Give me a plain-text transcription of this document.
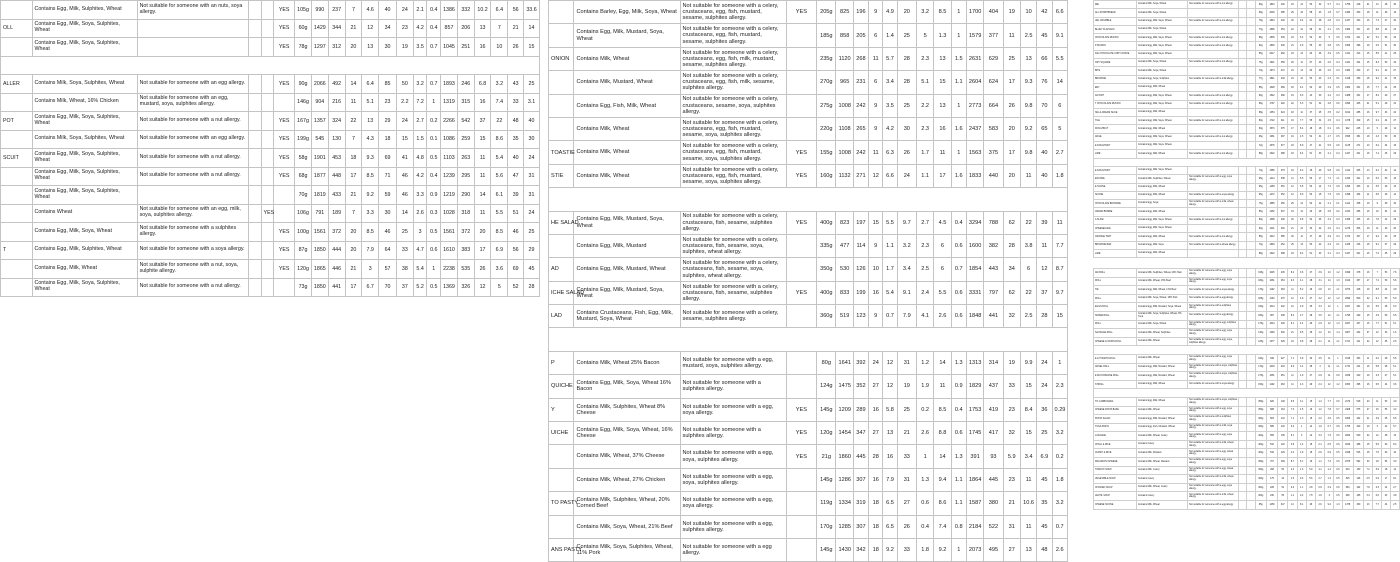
	Contains Egg, Milk, Sulphites, Wheat	Not suitable for someone with an nuts, soya allergy.			YES	105g	990	237	7	4.6	40	24	2.1	0.4	1386	332	10.2	6.4	56	33.6
OLL	Contains Egg, Milk, Soya, Sulphites, Wheat				YES	60g	1429	344	21	12	34	23	4.2	0.4	857	206	13	7	21	14
	Contains Egg, Milk, Soya, Sulphites, Wheat				YES	78g	1297	312	20	13	30	19	3.5	0.7	1045	251	16	10	26	15

ALLER	Contains Milk, Soya, Sulphites, Wheat	Not suitable for someone with an egg allergy.			YES	90g	2066	492	14	6.4	85	50	3.2	0.7	1893	246	6.8	3.2	43	25
	Contains Milk, Wheat, 16% Chicken	Not suitable for someone with an egg, mustard, soya, sulphites allergy.				146g	904	216	11	5.1	23	2.2	7.2	1	1319	315	16	7.4	33	3.1
POT	Contains Egg, Milk, Soya, Sulphites, Wheat	Not suitable for someone with a nut allergy.			YES	167g	1357	324	22	13	29	24	2.7	0.2	2266	542	37	22	48	40
	Contains Milk, Soya, Sulphites, Wheat	Not suitable for someone with an egg allergy.			YES	199g	545	130	7	4.3	18	15	1.5	0.1	1086	259	15	8.6	35	30
SCUIT	Contains Egg, Milk, Soya, Sulphites, Wheat	Not suitable for someone with a nut allergy.			YES	58g	1901	453	18	9.3	69	41	4.8	0.5	1103	263	11	5.4	40	24
	Contains Egg, Milk, Soya, Sulphites, Wheat	Not suitable for someone with a nut allergy.			YES	68g	1877	448	17	8.5	71	46	4.2	0.4	1239	295	11	5.6	47	31
	Contains Egg, Milk, Soya, Sulphites, Wheat					70g	1819	433	21	9.2	59	46	3.3	0.9	1219	290	14	6.1	39	31
	Contains Wheat	Not suitable for someone with an egg, milk, soya, sulphites allergy.		YES		106g	791	189	7	3.3	30	14	2.6	0.3	1028	318	11	5.5	51	24
	Contains Egg, Milk, Soya, Wheat	Not suitable for someone with a sulphites allergy.			YES	100g	1561	372	20	8.5	46	25	3	0.5	1561	372	20	8.5	46	25
T	Contains Egg, Milk, Sulphites, Wheat	Not suitable for someone with a soya allergy.			YES	87g	1850	444	20	7.9	64	33	4.7	0.6	1610	383	17	6.9	56	29
	Contains Egg, Milk, Wheat	Not suitable for someone with a nut, soya, sulphite allergy.			YES	120g	1865	446	21	3	57	38	5.4	1	2238	535	26	3.6	69	45
	Contains Egg, Milk, Soya, Sulphites, Wheat	Not suitable for someone with a nut allergy.				73g	1850	441	17	6.7	70	37	5.2	0.5	1369	326	12	5	52	28
	Contains Barley, Egg, Milk, Soya, Wheat	Not suitable for someone with a celery, crustaceans, egg, fish, mustard, sesame, sulphites allergy.	YES	205g	825	196	9	4.9	20	3.2	8.5	1	1700	404	19	10	42	6.6
	Contains Egg, Milk, Mustard, Soya, Wheat	Not suitable for someone with a celery, crustaceans, egg, fish, mustard, sesame, sulphites allergy.		185g	858	205	6	1.4	25	5	1.3	1	1579	377	11	2.5	45	9.1
ONION	Contains Milk, Wheat	Not suitable for someone with a celery, crustaceans, egg, fish, milk, mustard, sesame, sulphites allergy.		235g	1120	268	11	5.7	28	2.3	13	1.5	2631	629	25	13	66	5.5
	Contains Milk, Mustard, Wheat	Not suitable for someone with a celery, crustaceans, egg, fish, milk, sesame, sulphites allergy.		270g	965	231	6	3.4	28	5.1	15	1.1	2604	624	17	9.3	76	14
	Contains Egg, Fish, Milk, Wheat	Not suitable for someone with a celery, crustaceans, sesame, soya, sulphites allergy.		275g	1008	242	9	3.5	25	2.2	13	1	2773	664	26	9.8	70	6
	Contains Milk, Wheat	Not suitable for someone with a celery, crustaceans, egg, fish, mustard, sesame, soya, sulphites allergy.		220g	1108	265	9	4.2	30	2.3	16	1.6	2437	583	20	9.2	65	5
TOASTIE	Contains Milk, Wheat	Not suitable for someone with a celery, crustaceans, egg, fish, mustard, sesame, soya, sulphites allergy.	YES	155g	1008	242	11	6.3	26	1.7	11	1	1563	375	17	9.8	40	2.7
STIE	Contains Milk, Wheat	Not suitable for someone with a celery, crustaceans, egg, fish, mustard, sesame, soya, sulphites allergy.	YES	160g	1132	271	12	6.6	24	1.1	17	1.6	1833	440	20	11	40	1.8

HE SALAD	Contains Egg, Milk, Mustard, Soya, Wheat	Not suitable for someone with a celery, crustaceans, fish, sesame, sulphites allergy.	YES	400g	823	197	15	5.5	9.7	2.7	4.5	0.4	3294	788	62	22	39	11
	Contains Egg, Milk, Mustard	Not suitable for someone with a celery, crustaceans, fish, sesame, soya, sulphites, wheat allergy.		335g	477	114	9	1.1	3.2	2.3	6	0.6	1600	382	28	3.8	11	7.7
AD	Contains Egg, Milk, Mustard, Wheat	Not suitable for someone with a celery, crustaceans, fish, sesame, soya, sulphites, wheat allergy.		350g	530	126	10	1.7	3.4	2.5	6	0.7	1854	443	34	6	12	8.7
ICHE SALAD	Contains Egg, Milk, Mustard, Soya, Wheat	Not suitable for someone with a celery, crustaceans, fish, sesame, sulphites allergy.	YES	400g	833	199	16	5.4	9.1	2.4	5.5	0.6	3331	797	62	22	37	9.7
LAD	Contains Crustaceans, Fish, Egg, Milk, Mustard, Soya, Wheat	Not suitable for someone with a celery, sesame, sulphites allergy.		360g	519	123	9	0.7	7.9	4.1	2.6	0.6	1848	441	32	2.5	28	15

P	Contains Milk, Wheat 25% Bacon	Not suitable for someone with a egg, mustard, soya, sulphites allergy.		80g	1641	392	24	12	31	1.2	14	1.3	1313	314	19	9.9	24	1
QUICHE	Contains Egg, Milk, Soya, Wheat 16% Bacon	Not suitable for someone with a sulphites allergy.		124g	1475	352	27	12	19	1.9	11	0.9	1829	437	33	15	24	2.3
Y	Contains Milk, Sulphites, Wheat 8% Cheese	Not suitable for someone with a egg, soya allergy.	YES	145g	1209	289	16	5.8	25	0.2	8.5	0.4	1753	419	23	8.4	36	0.29
UICHE	Contains Egg, Milk, Soya, Wheat, 16% Cheese	Not suitable for someone with a sulphites allergy.	YES	120g	1454	347	27	13	21	2.6	8.8	0.6	1745	417	32	15	25	3.2
	Contains Milk, Wheat, 37% Cheese	Not suitable for someone with a egg, soya, sulphites allergy.	YES	21g	1860	445	28	16	33	1	14	1.3	391	93	5.9	3.4	6.9	0.2
	Contains Milk, Wheat, 27% Chicken	Not suitable for someone with a egg, soya, sulphites allergy.		145g	1286	307	16	7.9	31	1.3	9.4	1.1	1864	445	23	11	45	1.8
TO PASTY	Contains Milk, Sulphites, Wheat, 20% Corned Beef	Not suitable for someone with a egg, soya allergy.		119g	1334	319	18	6.5	27	0.6	8.6	1.1	1587	380	21	10.6	35	3.2
	Contains Milk, Soya, Wheat, 21% Beef	Not suitable for someone with a egg, sulphites allergy.		170g	1285	307	18	6.5	26	0.4	7.4	0.8	2184	522	31	11	45	0.7
ANS PASTY	Contains Milk, Soya, Sulphites, Wheat, 11% Pork	Not suitable for someone with a egg allergy.		145g	1430	342	18	9.2	33	1.8	9.2	1	2073	495	27	13	48	2.6
RIE	Contains Milk, Soya, Wheat	Not suitable for someone with a nut allergy.			96g	1843	440	23	14	50	32	5.7	0.4	1756	418	21	13	48	30
ALL SHORTBREAD	Contains Milk, Soya, Wheat				68g	2030	485	26	16	58	23	1.8	0.7	1380	330	18	11	39	16
UEL CRUMBLE	Contains Egg, Milk, Soya, Wheat	Not suitable for someone with a nut allergy.			78g	1843	440	20	9.4	61	38	2.8	0.3	1437	343	16	7.3	47	30
BLUEY FLAPJACK	Contains Milk, Soya, Wheat				73g	1896	453	22	12	58	31	4.1	0.5	1384	331	16	8.8	42	23
CHOCOLATE MUFFIN	Contains Egg, Milk, Soya, Wheat	Not suitable for someone with a nut allergy.			96g	1836	439	23	5.4	52	33	5	0.6	1762	421	22	5.2	50	32
P MUFFIN	Contains Egg, Milk, Soya, Wheat	Not suitable for someone with a nut allergy.			92g	1800	430	21	4.9	55	33	4.8	0.5	1656	396	19	4.5	51	30
ICE CHOCOLATE CHIP COOKIE	Contains Egg, Milk, Soya, Wheat				65g	2017	482	23	13	63	38	3.9	0.5	1311	313	15	8.5	41	25
ORY SQUARE	Contains Milk, Soya, Wheat	Not suitable for someone with a nut allergy.			75g	1921	459	20	11	67	43	2.5	0.4	1441	344	15	8.3	50	32
BITE	Contains Milk, Soya, Wheat				70g	1974	472	24	13	60	39	2.5	0.3	1382	330	17	9.1	42	27
BROWNIE	Contains Egg, Soya, Sulphites	Not suitable for someone with a milk allergy.			77g	1841	440	24	12	53	43	2.3	0.1	1418	339	18	9.2	41	33
ERY	Contains Egg, Milk, Wheat				85g	1628	389	18	9.1	52	29	4.9	0.5	1384	331	15	7.7	44	25
ACTART	Contains Egg, Milk, Soya, Wheat	Not suitable for someone with a nut allergy.			90g	1542	368	19	9.3	44	30	4.2	0.3	1388	331	17	8.4	40	27
T CHOCOLATE MUFFIN	Contains Egg, Milk, Soya, Wheat	Not suitable for someone with a nut allergy.			96g	1767	422	22	5.3	51	32	4.8	0.6	1696	405	21	5.1	49	31
NILLA CREAM SLICE	Contains Egg, Milk, Wheat				88g	1354	324	18	11	37	25	3.5	0.2	1192	285	16	9.7	33	22
TILE	Contains Egg, Milk, Soya, Wheat	Not suitable for someone with a nut allergy.			80g	1722	411	19	7.7	55	34	4.5	0.4	1378	329	15	6.2	44	27
DOUGHNUT	Contains Egg, Milk, Wheat				60g	1570	375	17	8.4	48	18	6.1	0.6	942	225	10	5	29	11
ANGE	Contains Egg, Milk, Soya, Wheat	Not suitable for someone with a nut allergy.			96g	1661	397	19	4.5	52	31	4.7	0.5	1595	381	18	4.3	50	30
E DOUGHNUT	Contains Egg, Milk, Soya, Wheat				72g	1576	377	18	8.9	47	21	5.5	0.6	1135	271	13	6.4	34	15
LIME	Contains Egg, Milk, Wheat	Not suitable for someone with a nut allergy.			88g	1622	388	18	8.4	51	33	4.1	0.4	1427	341	16	7.4	45	29

E DOUGHNUT	Contains Egg, Milk, Soya, Wheat				70g	1585	379	19	9.2	45	20	5.8	0.6	1110	265	13	6.4	32	14
ESCONE	Contains Milk, Sulphites, Wheat	Not suitable for someone with a egg, soya allergy.			95g	1414	338	11	5.5	53	17	7.1	1.1	1343	321	10	5.2	50	16
E SCONE	Contains Egg, Milk, Wheat				95g	1468	351	12	6.8	52	14	7.4	0.9	1395	333	11	6.5	49	13
SCONE	Contains Egg, Milk, Wheat	Not suitable for someone with a soya allergy.			95g	1472	352	12	6.9	52	15	7.3	0.9	1398	334	11	6.6	49	14
CHOCOLATE BROWNIE	Contains Egg, Soya	Not suitable for someone with a milk, wheat allergy.			75g	1885	450	25	12	52	42	2.1	0.1	1414	338	19	9	39	32
CREAM BOMBE	Contains Egg, Milk, Wheat				85g	1452	347	19	12	40	28	3.8	0.2	1234	295	16	10	34	24
A SLICE	Contains Egg, Milk, Soya, Wheat	Not suitable for someone with a nut allergy.			80g	1698	406	20	9.8	52	36	3.4	0.3	1358	325	16	7.8	42	29
CHEESECAKE	Contains Egg, Milk, Soya, Wheat				90g	1421	340	21	12	33	22	4.6	0.4	1279	306	19	11	30	20
ORANGE TART	Contains Egg, Milk, Wheat	Not suitable for someone with a nut allergy.			85g	1612	385	20	11	47	29	3.9	0.3	1370	327	17	9.4	40	25
BROWNIE BAR	Contains Egg, Milk, Soya	Not suitable for someone with a wheat allergy.			70g	1893	452	25	13	53	42	2.2	0.1	1325	316	18	9.1	37	29
LIME	Contains Egg, Milk, Wheat				88g	1622	388	18	8.4	51	33	4.1	0.4	1427	341	16	7.4	45	29
AM ROLL	Contains Milk, Sulphites, Wheat, 20% Ham	Not suitable for someone with a egg, soya allergy.			195g	1025	245	8.4	3.6	27	3.9	13	1.2	1999	478	16	7	53	7.6
ROLL	Contains Milk, Wheat, 15% Beef	Not suitable for someone with a egg, soya allergy.			180g	1061	254	9.3	4.1	28	3.1	14	1.3	1910	457	17	7.4	50	5.6
TIE	Contains Egg, Milk, Wheat, 12% Beef	Not suitable for someone with a soya allergy.			170g	1102	263	11	5.2	26	2.8	13	1.1	1873	448	19	8.8	44	4.8
ROLL	Contains Milk, Soya, Wheat, 18% Pork	Not suitable for someone with a egg allergy.			185g	1130	270	12	4.9	27	3.2	12	1.2	2090	500	22	9.1	50	5.9
EGGS ROLL	Contains Egg, Milk, Mustard, Soya, Wheat	Not suitable for someone with a sulphites allergy.			190g	1014	242	10	2.9	25	3.3	12	1	1927	461	19	5.5	48	6.3
SUBMA ROLL	Contains Milk, Soya, Sulphites, Wheat, 8% Tuna	Not suitable for someone with a egg allergy.			180g	997	238	8.2	2.7	28	3.6	12	1.1	1795	429	15	4.9	50	6.5
ROLL	Contains Milk, Soya, Wheat	Not suitable for someone with a egg, sulphites allergy.			175g	1044	249	9.1	4.4	29	2.9	12	1.3	1827	437	16	7.7	51	5.1
SAUSAGE ROLL	Contains Milk, Wheat, Sulphites	Not suitable for someone with a egg, soya allergy.			130g	1390	332	21	9.5	25	1.2	10	1.4	1807	432	27	12	33	1.6
CHEESE & ONION ROLL	Contains Milk, Wheat	Not suitable for someone with a egg, soya, sulphites allergy.			125g	1377	329	19	9.8	28	2.1	11	1.1	1721	411	24	12	35	2.6

E & TOMATO ROLL	Contains Milk, Wheat	Not suitable for someone with a egg, soya allergy.			160g	949	227	7.1	3.9	30	3.5	11	1	1518	363	11	6.2	48	5.6
ANNEL ROLL	Contains Egg, Milk, Mustard, Wheat	Not suitable for someone with a soya, sulphites allergy.			170g	1018	243	9.6	3.4	28	3	11	1.1	1731	414	16	5.8	48	5.1
E MAYONNAISE ROLL	Contains Egg, Milk, Mustard, Wheat	Not suitable for someone with a soya, sulphites allergy.			175g	1051	251	11	1.9	27	2.9	11	0.9	1839	440	19	3.3	47	5.1
STROLL	Contains Egg, Milk, Wheat	Not suitable for someone with a soya allergy.			150g	1102	263	11	4.3	29	2.4	12	1.2	1653	395	16	6.5	44	3.6

TO CARBONARA	Contains Egg, Milk, Wheat	Not suitable for someone with a soya, sulphites allergy.			350g	620	148	6.5	3.1	15	1.4	7.7	0.6	2170	518	23	11	53	4.9
CHEESE PASTA BAKE	Contains Milk, Wheat	Not suitable for someone with a egg, soya allergy.			350g	688	164	7.6	4.5	16	1.2	7.8	0.7	2408	575	27	16	56	4.2
PASTA SALAD	Contains Egg, Milk, Mustard, Wheat	Not suitable for someone with a sulphites allergy.			300g	603	144	7.1	1.3	15	2.2	4.6	0.5	1809	432	21	3.9	45	6.6
TUNA PASTA	Contains Egg, Fish, Mustard, Wheat	Not suitable for someone with a milk, soya allergy.			300g	585	140	6.2	1	14	1.9	6.7	0.6	1755	420	19	3	42	5.7
LASAGNE	Contains Milk, Wheat, Celery	Not suitable for someone with a egg, soya allergy.			400g	565	135	6.1	3	12	3.3	7.3	0.5	2260	540	24	12	48	13
CHILLI & RICE	Contains Celery	Not suitable for someone with a milk, wheat allergy.			400g	510	122	3.8	1.4	15	2.1	6.5	0.6	2040	488	15	5.6	60	8.4
CURRY & RICE	Contains Milk, Mustard	Not suitable for someone with a egg, wheat allergy.			400g	542	129	4.4	1.9	15	2.6	6.9	0.5	2168	516	18	7.6	60	10
MACARONI CHEESE	Contains Milk, Wheat, Mustard	Not suitable for someone with a egg, soya allergy.			350g	707	169	8.7	5.1	16	1.1	7.3	0.6	2475	592	30	18	56	3.9
TOMATO SOUP	Contains Milk, Celery	Not suitable for someone with a egg, wheat allergy.			300g	208	50	2.4	1.3	5.9	4.1	1.2	0.6	624	150	7.2	3.9	18	12
VEGETABLE SOUP	Contains Celery	Not suitable for someone with a milk, wheat allergy.			300g	175	42	1.5	0.3	5.6	2.7	1.4	0.5	525	126	4.5	0.9	17	8.1
CHICKEN SOUP	Contains Milk, Wheat, Celery	Not suitable for someone with a egg, soya allergy.			300g	228	54	2.6	1.1	4.8	0.9	2.9	0.6	684	162	7.8	3.3	14	2.7
LENTIL SOUP	Contains Celery	Not suitable for someone with a milk, wheat allergy.			300g	230	55	1.1	0.2	7.8	1.6	3	0.5	690	165	3.3	0.6	23	4.8
CHEESE SCONE	Contains Milk, Wheat	Not suitable for someone with a egg allergy.			95g	1450	347	14	8.1	46	2.6	9.2	1.3	1378	330	13	7.7	44	2.5
